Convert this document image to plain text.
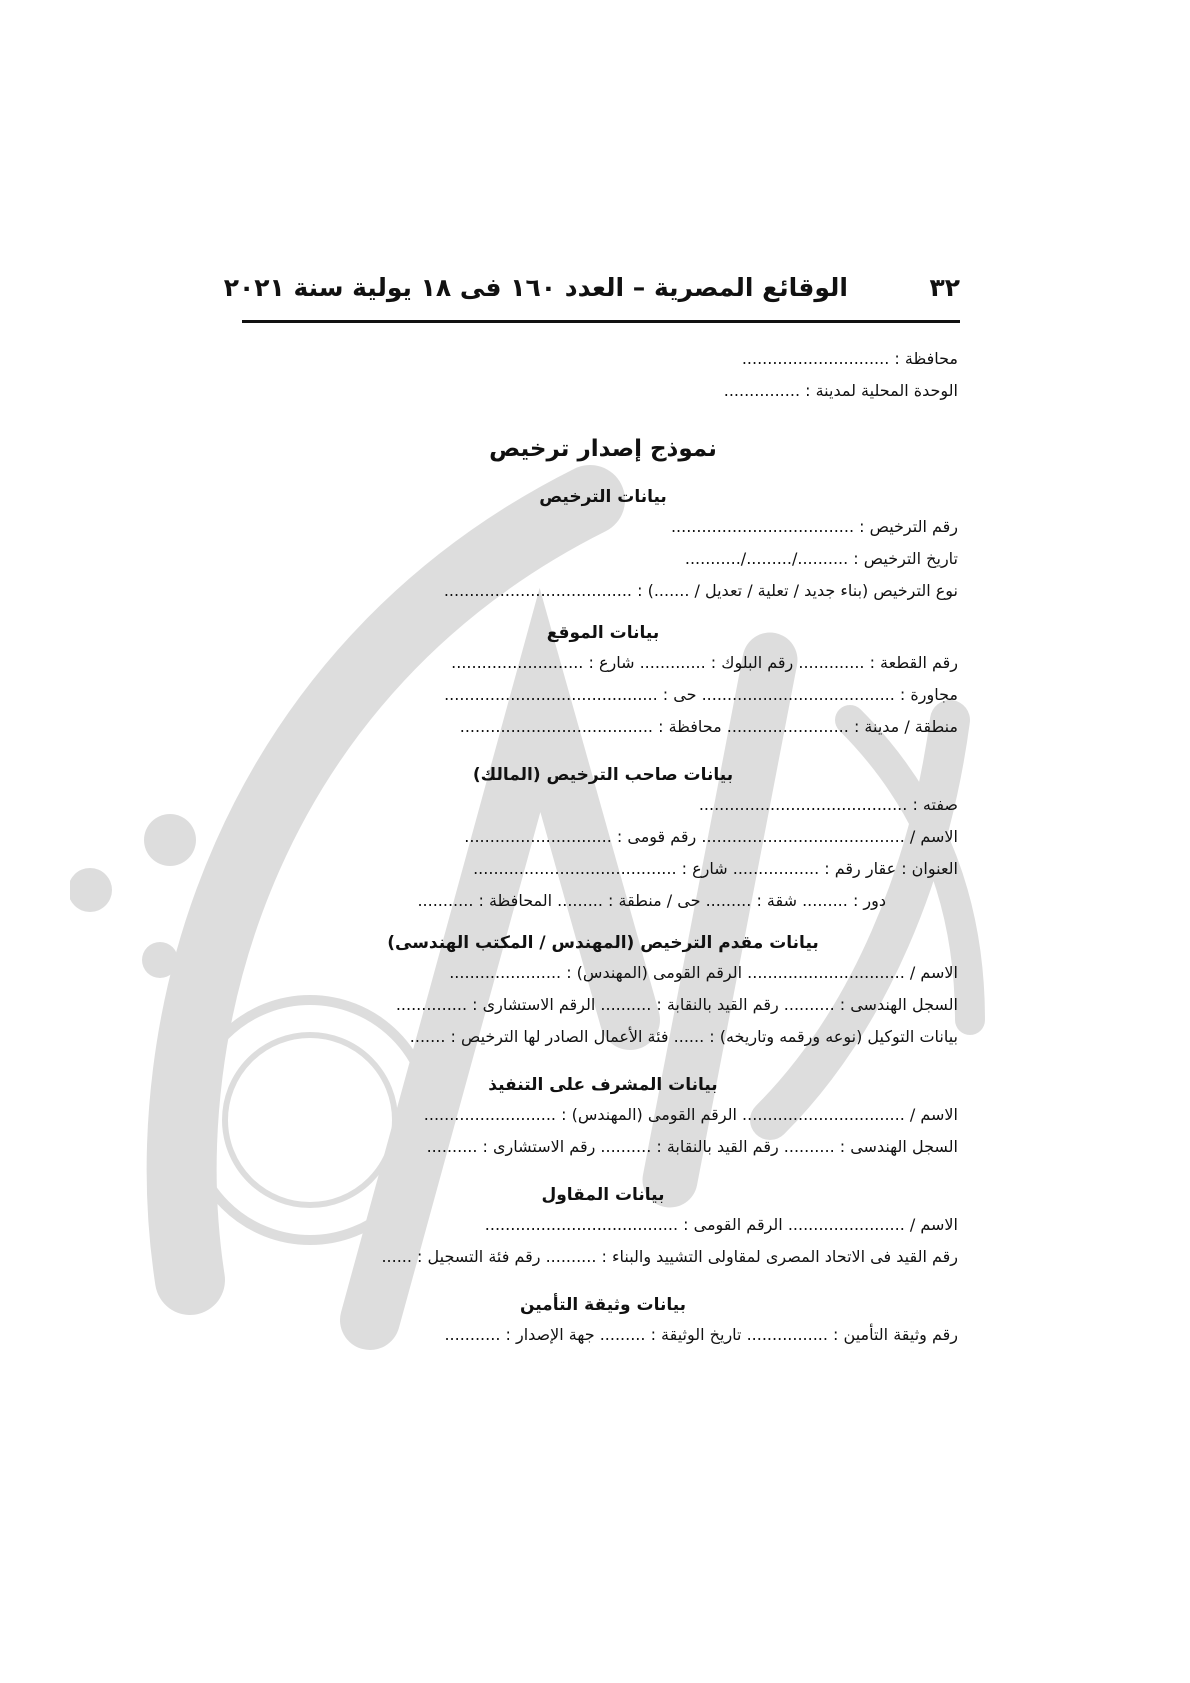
٣٢
الوقائع المصرية – العدد ١٦٠ فى ١٨ يولية سنة ٢٠٢١
محافظة : .............................
الوحدة المحلية لمدينة : ...............
نموذج إصدار ترخيص
بيانات الترخيص
رقم الترخيص : ....................................
تاريخ الترخيص : ........../........./...........
نوع الترخيص (بناء جديد / تعلية / تعديل / .......) : .....................................
بيانات الموقع
رقم القطعة : ............. رقم البلوك : ............. شارع : ..........................
مجاورة : ...................................... حى : ..........................................
منطقة / مدينة : ........................ محافظة : ......................................
بيانات صاحب الترخيص (المالك)
صفته : .........................................
الاسم / ........................................ رقم قومى : .............................
العنوان : عقار رقم : ................. شارع : ........................................
دور : ......... شقة : ......... حى / منطقة : ......... المحافظة : ...........
بيانات مقدم الترخيص (المهندس / المكتب الهندسى)
الاسم / ............................... الرقم القومى (المهندس) : ......................
السجل الهندسى : .......... رقم القيد بالنقابة : .......... الرقم الاستشارى : ..............
بيانات التوكيل (نوعه ورقمه وتاريخه) : ...... فئة الأعمال الصادر لها الترخيص : .......
بيانات المشرف على التنفيذ
الاسم / ................................ الرقم القومى (المهندس) : ..........................
السجل الهندسى : .......... رقم القيد بالنقابة : .......... رقم الاستشارى : ..........
بيانات المقاول
الاسم / ....................... الرقم القومى : ......................................
رقم القيد فى الاتحاد المصرى لمقاولى التشييد والبناء : .......... رقم فئة التسجيل : ......
بيانات وثيقة التأمين
رقم وثيقة التأمين : ................ تاريخ الوثيقة : ......... جهة الإصدار : ...........
